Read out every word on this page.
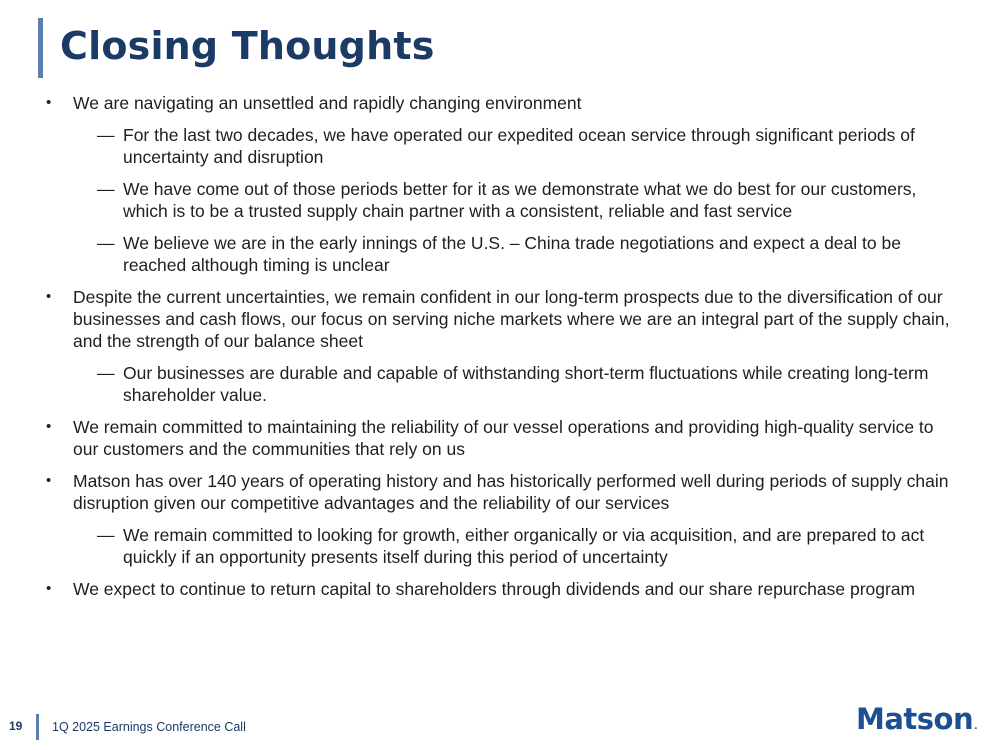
Closing Thoughts
• We are navigating an unsettled and rapidly changing environment
— For the last two decades, we have operated our expedited ocean service through significant periods of uncertainty and disruption
— We have come out of those periods better for it as we demonstrate what we do best for our customers, which is to be a trusted supply chain partner with a consistent, reliable and fast service
— We believe we are in the early innings of the U.S. – China trade negotiations and expect a deal to be reached although timing is unclear
• Despite the current uncertainties, we remain confident in our long-term prospects due to the diversification of our businesses and cash flows, our focus on serving niche markets where we are an integral part of the supply chain, and the strength of our balance sheet
— Our businesses are durable and capable of withstanding short-term fluctuations while creating long-term shareholder value.
• We remain committed to maintaining the reliability of our vessel operations and providing high-quality service to our customers and the communities that rely on us
• Matson has over 140 years of operating history and has historically performed well during periods of supply chain disruption given our competitive advantages and the reliability of our services
— We remain committed to looking for growth, either organically or via acquisition, and are prepared to act quickly if an opportunity presents itself during this period of uncertainty
• We expect to continue to return capital to shareholders through dividends and our share repurchase program
19 1Q 2025 Earnings Conference Call	Matson.
